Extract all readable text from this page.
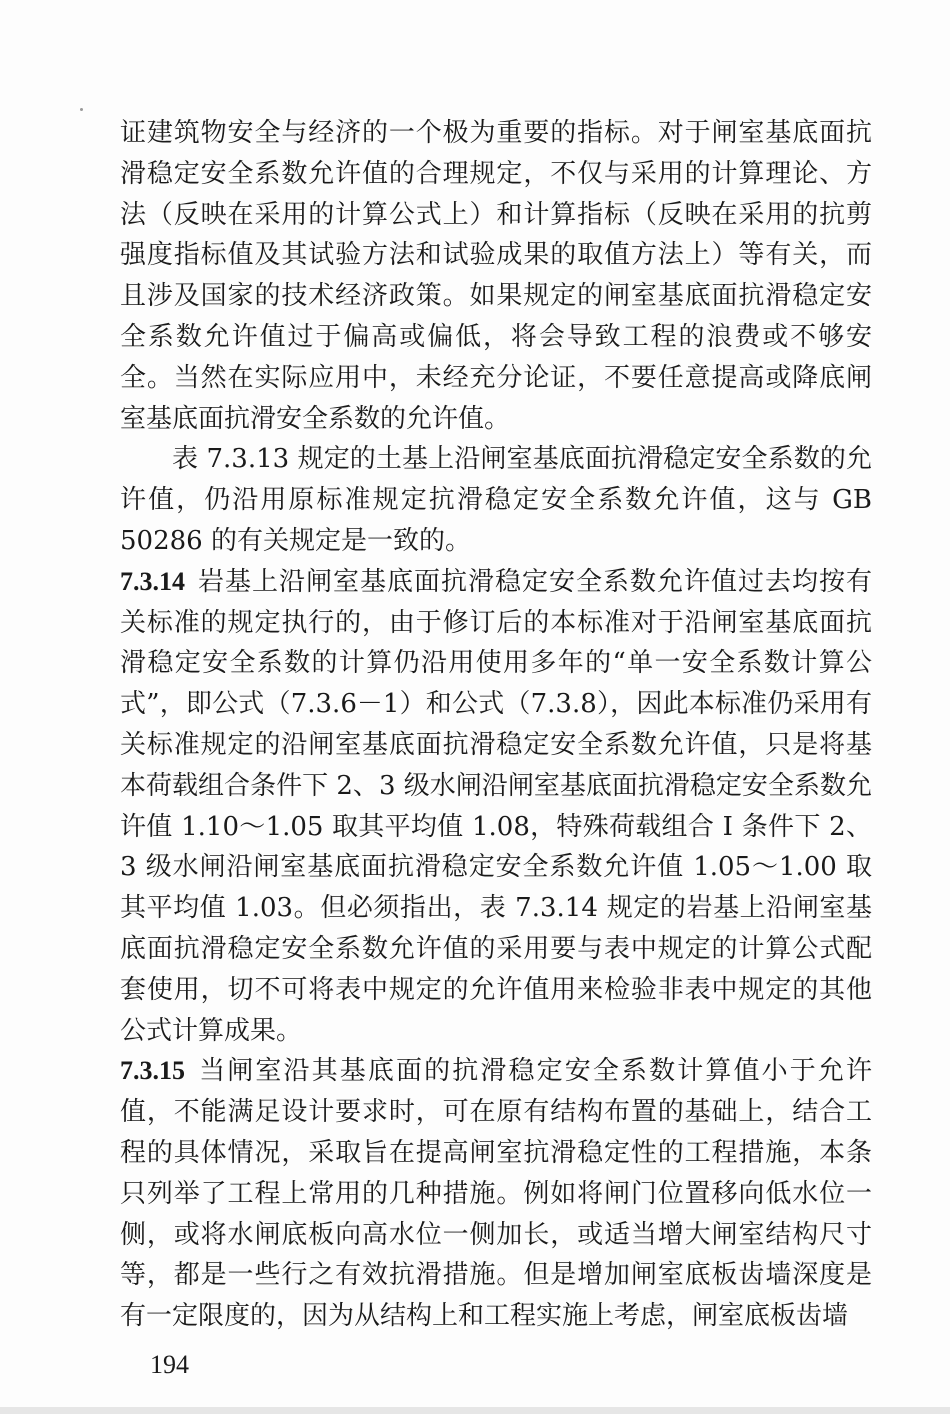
证建筑物安全与经济的一个极为重要的指标。对于闸室基底面抗滑稳定安全系数允许值的合理规定，不仅与采用的计算理论、方法（反映在采用的计算公式上）和计算指标（反映在采用的抗剪强度指标值及其试验方法和试验成果的取值方法上）等有关，而且涉及国家的技术经济政策。如果规定的闸室基底面抗滑稳定安全系数允许值过于偏高或偏低，将会导致工程的浪费或不够安全。当然在实际应用中，未经充分论证，不要任意提高或降底闸室基底面抗滑安全系数的允许值。

表 7.3.13 规定的土基上沿闸室基底面抗滑稳定安全系数的允许值，仍沿用原标准规定抗滑稳定安全系数允许值，这与 GB 50286 的有关规定是一致的。

7.3.14 岩基上沿闸室基底面抗滑稳定安全系数允许值过去均按有关标准的规定执行的，由于修订后的本标准对于沿闸室基底面抗滑稳定安全系数的计算仍沿用使用多年的“单一安全系数计算公式”，即公式（7.3.6－1）和公式（7.3.8），因此本标准仍采用有关标准规定的沿闸室基底面抗滑稳定安全系数允许值，只是将基本荷载组合条件下 2、3 级水闸沿闸室基底面抗滑稳定安全系数允许值 1.10～1.05 取其平均值 1.08，特殊荷载组合 Ⅰ 条件下 2、3 级水闸沿闸室基底面抗滑稳定安全系数允许值 1.05～1.00 取其平均值 1.03。但必须指出，表 7.3.14 规定的岩基上沿闸室基底面抗滑稳定安全系数允许值的采用要与表中规定的计算公式配套使用，切不可将表中规定的允许值用来检验非表中规定的其他公式计算成果。

7.3.15 当闸室沿其基底面的抗滑稳定安全系数计算值小于允许值，不能满足设计要求时，可在原有结构布置的基础上，结合工程的具体情况，采取旨在提高闸室抗滑稳定性的工程措施，本条只列举了工程上常用的几种措施。例如将闸门位置移向低水位一侧，或将水闸底板向高水位一侧加长，或适当增大闸室结构尺寸等，都是一些行之有效抗滑措施。但是增加闸室底板齿墙深度是有一定限度的，因为从结构上和工程实施上考虑，闸室底板齿墙

194
